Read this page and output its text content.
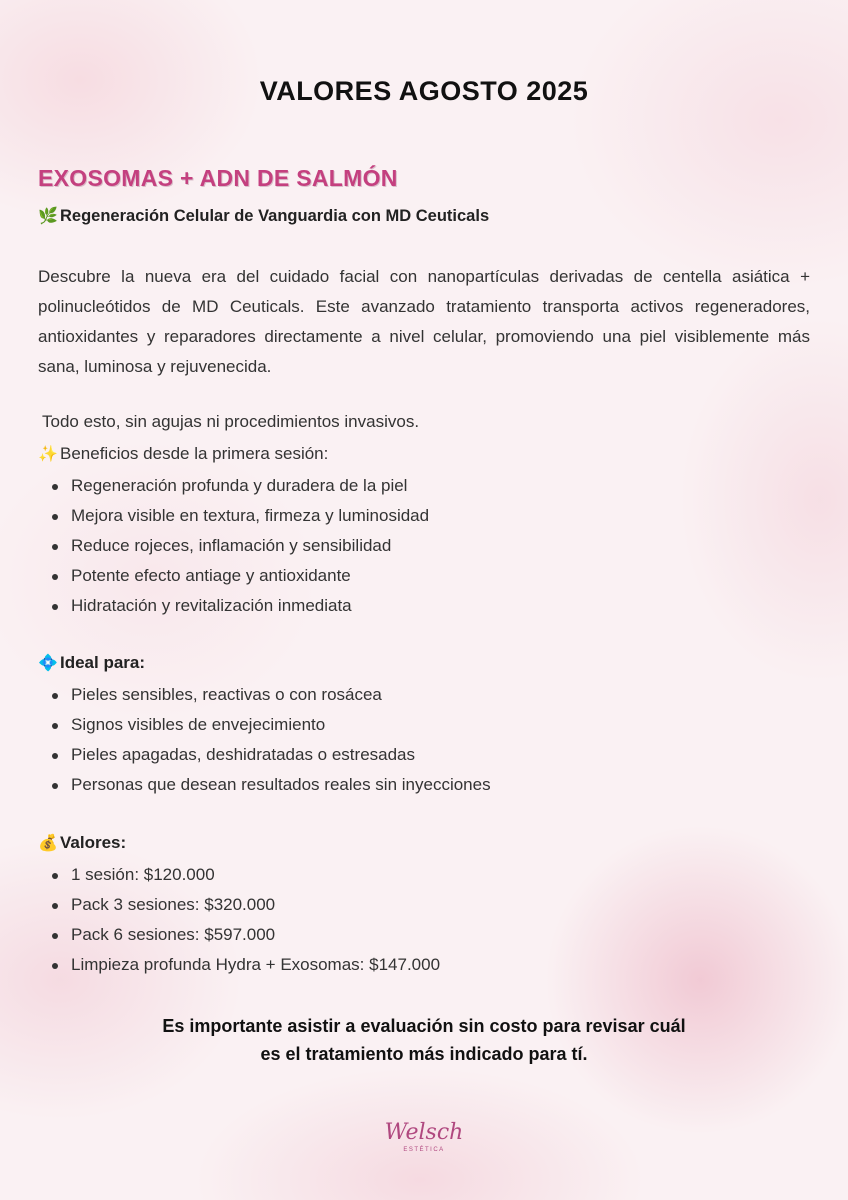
VALORES AGOSTO 2025
EXOSOMAS + ADN DE SALMÓN
🌿 Regeneración Celular de Vanguardia con MD Ceuticals

Descubre la nueva era del cuidado facial con nanopartículas derivadas de centella asiática + polinucleótidos de MD Ceuticals. Este avanzado tratamiento transporta activos regeneradores, antioxidantes y reparadores directamente a nivel celular, promoviendo una piel visiblemente más sana, luminosa y rejuvenecida.

Todo esto, sin agujas ni procedimientos invasivos.
✨ Beneficios desde la primera sesión:
Regeneración profunda y duradera de la piel
Mejora visible en textura, firmeza y luminosidad
Reduce rojeces, inflamación y sensibilidad
Potente efecto antiage y antioxidante
Hidratación y revitalización inmediata
💠 Ideal para:
Pieles sensibles, reactivas o con rosácea
Signos visibles de envejecimiento
Pieles apagadas, deshidratadas o estresadas
Personas que desean resultados reales sin inyecciones
💰 Valores:
1 sesión: $120.000
Pack 3 sesiones: $320.000
Pack 6 sesiones: $597.000
Limpieza profunda Hydra + Exosomas: $147.000
Es importante asistir a evaluación sin costo para revisar cuál
es el tratamiento más indicado para tí.
Welsch
ESTÉTICA
